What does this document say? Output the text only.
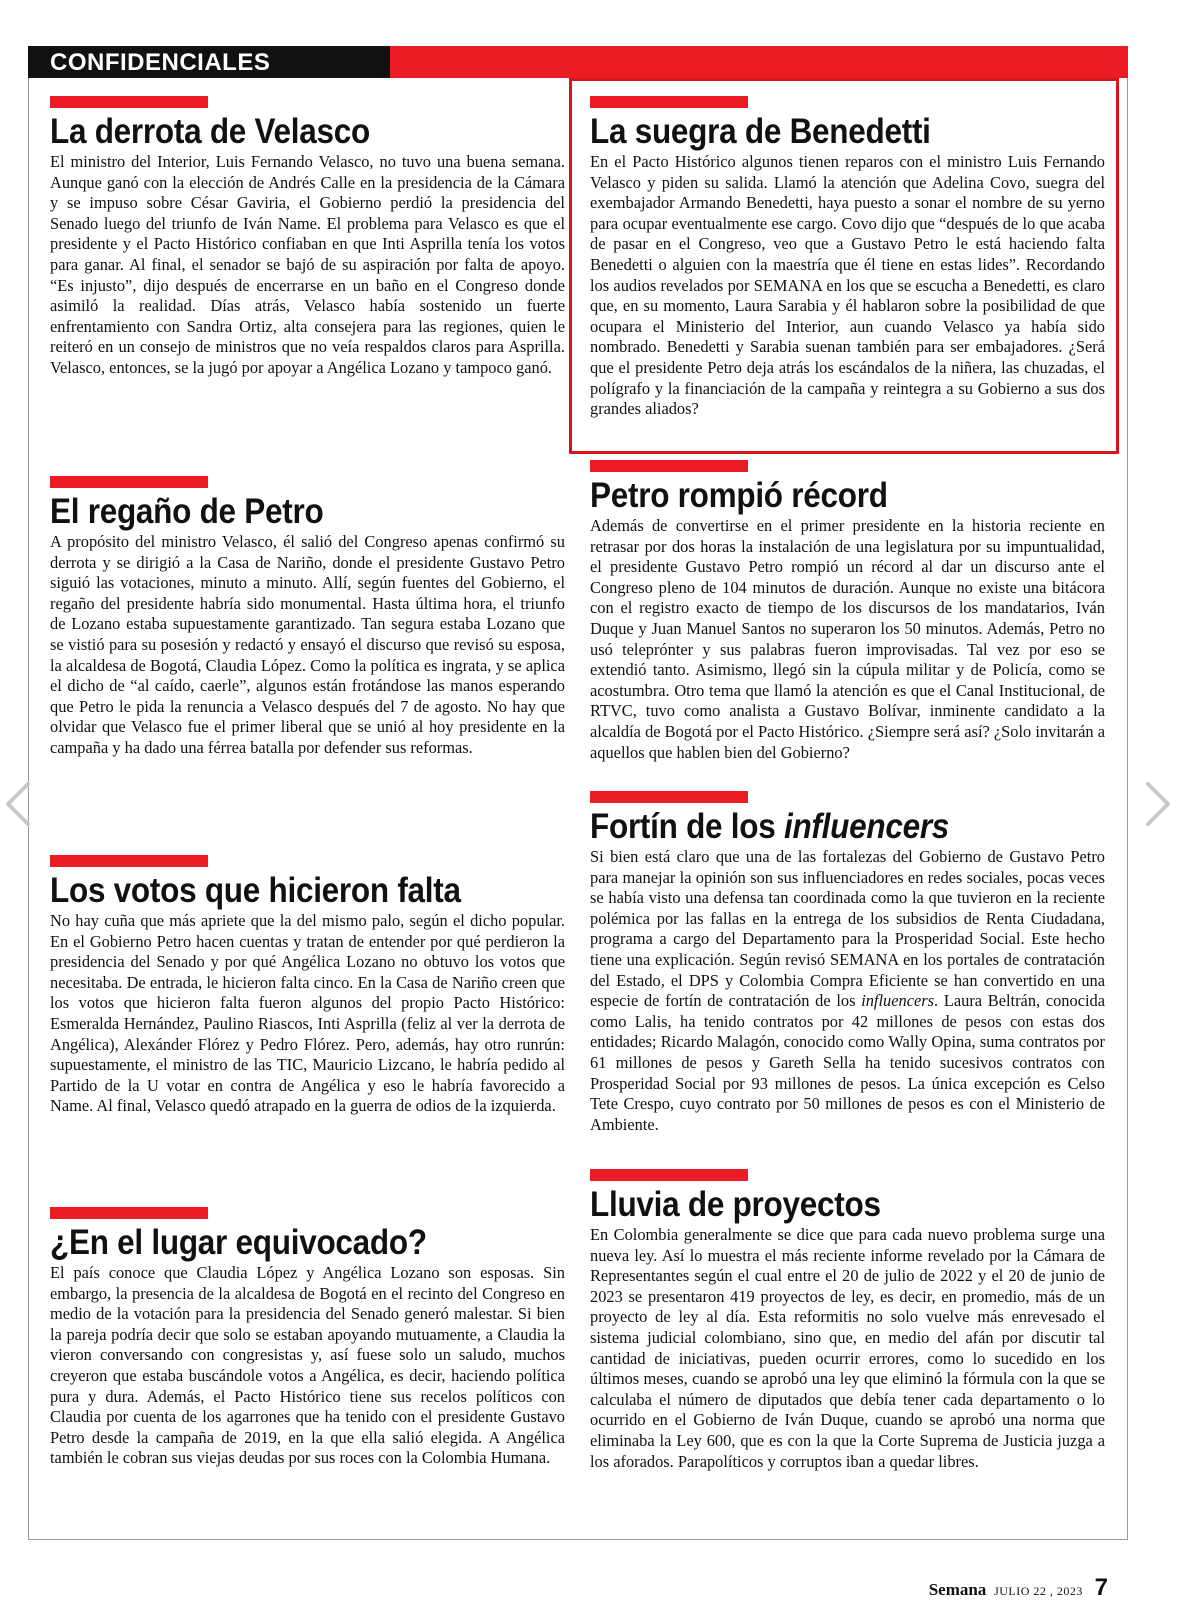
CONFIDENCIALES
La derrota de Velasco
El ministro del Interior, Luis Fernando Velasco, no tuvo una buena semana. Aunque ganó con la elección de Andrés Calle en la presidencia de la Cámara y se impuso sobre César Gaviria, el Gobierno perdió la presidencia del Senado luego del triunfo de Iván Name. El problema para Velasco es que el presidente y el Pacto Histórico confiaban en que Inti Asprilla tenía los votos para ganar. Al final, el senador se bajó de su aspiración por falta de apoyo. “Es injusto”, dijo después de encerrarse en un baño en el Congreso donde asimiló la realidad. Días atrás, Velasco había sostenido un fuerte enfrentamiento con Sandra Ortiz, alta consejera para las regiones, quien le reiteró en un consejo de ministros que no veía respaldos claros para Asprilla. Velasco, entonces, se la jugó por apoyar a Angélica Lozano y tampoco ganó.
El regaño de Petro
A propósito del ministro Velasco, él salió del Congreso apenas confirmó su derrota y se dirigió a la Casa de Nariño, donde el presidente Gustavo Petro siguió las votaciones, minuto a minuto. Allí, según fuentes del Gobierno, el regaño del presidente habría sido monumental. Hasta última hora, el triunfo de Lozano estaba supuestamente garantizado. Tan segura estaba Lozano que se vistió para su posesión y redactó y ensayó el discurso que revisó su esposa, la alcaldesa de Bogotá, Claudia López. Como la política es ingrata, y se aplica el dicho de “al caído, caerle”, algunos están frotándose las manos esperando que Petro le pida la renuncia a Velasco después del 7 de agosto. No hay que olvidar que Velasco fue el primer liberal que se unió al hoy presidente en la campaña y ha dado una férrea batalla por defender sus reformas.
Los votos que hicieron falta
No hay cuña que más apriete que la del mismo palo, según el dicho popular. En el Gobierno Petro hacen cuentas y tratan de entender por qué perdieron la presidencia del Senado y por qué Angélica Lozano no obtuvo los votos que necesitaba. De entrada, le hicieron falta cinco. En la Casa de Nariño creen que los votos que hicieron falta fueron algunos del propio Pacto Histórico: Esmeralda Hernández, Paulino Riascos, Inti Asprilla (feliz al ver la derrota de Angélica), Alexánder Flórez y Pedro Flórez. Pero, además, hay otro runrún: supuestamente, el ministro de las TIC, Mauricio Lizcano, le habría pedido al Partido de la U votar en contra de Angélica y eso le habría favorecido a Name. Al final, Velasco quedó atrapado en la guerra de odios de la izquierda.
¿En el lugar equivocado?
El país conoce que Claudia López y Angélica Lozano son esposas. Sin embargo, la presencia de la alcaldesa de Bogotá en el recinto del Congreso en medio de la votación para la presidencia del Senado generó malestar. Si bien la pareja podría decir que solo se estaban apoyando mutuamente, a Claudia la vieron conversando con congresistas y, así fuese solo un saludo, muchos creyeron que estaba buscándole votos a Angélica, es decir, haciendo política pura y dura. Además, el Pacto Histórico tiene sus recelos políticos con Claudia por cuenta de los agarrones que ha tenido con el presidente Gustavo Petro desde la campaña de 2019, en la que ella salió elegida. A Angélica también le cobran sus viejas deudas por sus roces con la Colombia Humana.
La suegra de Benedetti
En el Pacto Histórico algunos tienen reparos con el ministro Luis Fernando Velasco y piden su salida. Llamó la atención que Adelina Covo, suegra del exembajador Armando Benedetti, haya puesto a sonar el nombre de su yerno para ocupar eventualmente ese cargo. Covo dijo que “después de lo que acaba de pasar en el Congreso, veo que a Gustavo Petro le está haciendo falta Benedetti o alguien con la maestría que él tiene en estas lides”. Recordando los audios revelados por SEMANA en los que se escucha a Benedetti, es claro que, en su momento, Laura Sarabia y él hablaron sobre la posibilidad de que ocupara el Ministerio del Interior, aun cuando Velasco ya había sido nombrado. Benedetti y Sarabia suenan también para ser embajadores. ¿Será que el presidente Petro deja atrás los escándalos de la niñera, las chuzadas, el polígrafo y la financiación de la campaña y reintegra a su Gobierno a sus dos grandes aliados?
Petro rompió récord
Además de convertirse en el primer presidente en la historia reciente en retrasar por dos horas la instalación de una legislatura por su impuntualidad, el presidente Gustavo Petro rompió un récord al dar un discurso ante el Congreso pleno de 104 minutos de duración. Aunque no existe una bitácora con el registro exacto de tiempo de los discursos de los mandatarios, Iván Duque y Juan Manuel Santos no superaron los 50 minutos. Además, Petro no usó teleprónter y sus palabras fueron improvisadas. Tal vez por eso se extendió tanto. Asimismo, llegó sin la cúpula militar y de Policía, como se acostumbra. Otro tema que llamó la atención es que el Canal Institucional, de RTVC, tuvo como analista a Gustavo Bolívar, inminente candidato a la alcaldía de Bogotá por el Pacto Histórico. ¿Siempre será así? ¿Solo invitarán a aquellos que hablen bien del Gobierno?
Fortín de los influencers
Si bien está claro que una de las fortalezas del Gobierno de Gustavo Petro para manejar la opinión son sus influenciadores en redes sociales, pocas veces se había visto una defensa tan coordinada como la que tuvieron en la reciente polémica por las fallas en la entrega de los subsidios de Renta Ciudadana, programa a cargo del Departamento para la Prosperidad Social. Este hecho tiene una explicación. Según revisó SEMANA en los portales de contratación del Estado, el DPS y Colombia Compra Eficiente se han convertido en una especie de fortín de contratación de los influencers. Laura Beltrán, conocida como Lalis, ha tenido contratos por 42 millones de pesos con estas dos entidades; Ricardo Malagón, conocido como Wally Opina, suma contratos por 61 millones de pesos y Gareth Sella ha tenido sucesivos contratos con Prosperidad Social por 93 millones de pesos. La única excepción es Celso Tete Crespo, cuyo contrato por 50 millones de pesos es con el Ministerio de Ambiente.
Lluvia de proyectos
En Colombia generalmente se dice que para cada nuevo problema surge una nueva ley. Así lo muestra el más reciente informe revelado por la Cámara de Representantes según el cual entre el 20 de julio de 2022 y el 20 de junio de 2023 se presentaron 419 proyectos de ley, es decir, en promedio, más de un proyecto de ley al día. Esta reformitis no solo vuelve más enrevesado el sistema judicial colombiano, sino que, en medio del afán por discutir tal cantidad de iniciativas, pueden ocurrir errores, como lo sucedido en los últimos meses, cuando se aprobó una ley que eliminó la fórmula con la que se calculaba el número de diputados que debía tener cada departamento o lo ocurrido en el Gobierno de Iván Duque, cuando se aprobó una norma que eliminaba la Ley 600, que es con la que la Corte Suprema de Justicia juzga a los aforados. Parapolíticos y corruptos iban a quedar libres.
Semana JULIO 22 , 2023 7
